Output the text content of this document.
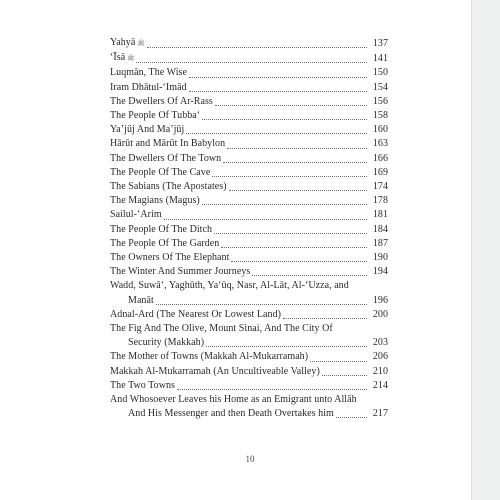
Yahyā ﷺ	137
‘Īsā ﷺ	141
Luqmān, The Wise	150
Iram Dhātul-‘Imād	154
The Dwellers Of Ar-Rass	156
The People Of Tubba‘	158
Ya’jūj And Ma’jūj	160
Hārūt and Mārūt In Babylon	163
The Dwellers Of The Town	166
The People Of The Cave	169
The Sabians (The Apostates)	174
The Magians (Magus)	178
Sailul-‘Arim	181
The People Of The Ditch	184
The People Of The Garden	187
The Owners Of The Elephant	190
The Winter And Summer Journeys	194
Wadd, Suwā‘, Yaghūth, Ya‘ūq, Nasr, Al-Lāt, Al-‘Uzza, and
Manāt	196
Adnal-Ard (The Nearest Or Lowest Land)	200
The Fig And The Olive, Mount Sinai, And The City Of
Security (Makkah)	203
The Mother of Towns (Makkah Al-Mukarramah)	206
Makkah Al-Mukarramah (An Uncultiveable Valley)	210
The Two Towns	214
And Whosoever Leaves his Home as an Emigrant unto Allāh
And His Messenger and then Death Overtakes him	217
10
